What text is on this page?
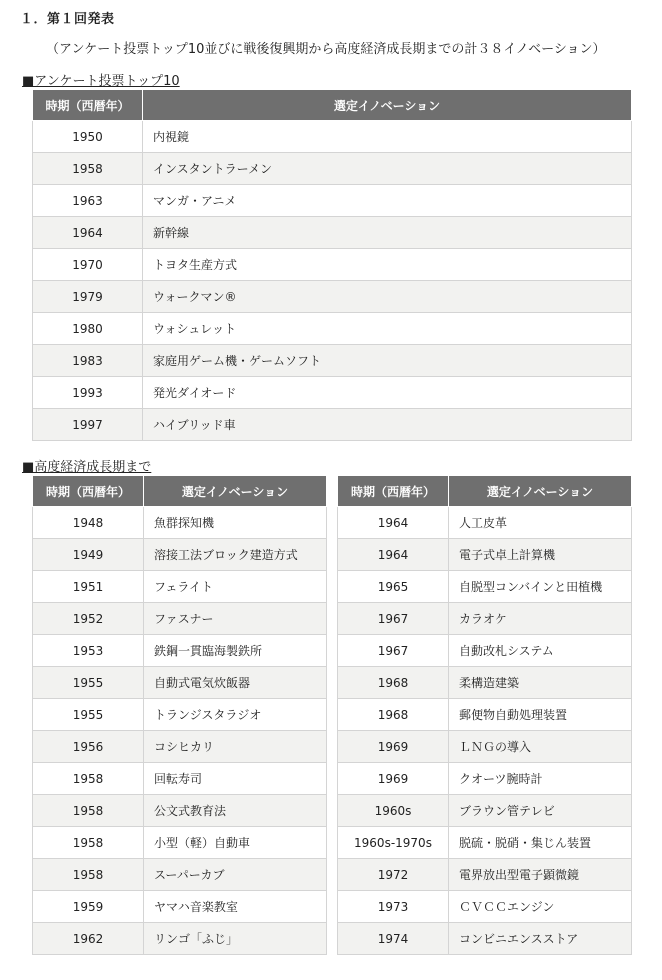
１．第１回発表
（アンケート投票トップ10並びに戦後復興期から高度経済成長期までの計３８イノベーション）
■アンケート投票トップ10
時期（西暦年）	選定イノベーション
1950	内視鏡
1958	インスタントラーメン
1963	マンガ・アニメ
1964	新幹線
1970	トヨタ生産方式
1979	ウォークマン®
1980	ウォシュレット
1983	家庭用ゲーム機・ゲームソフト
1993	発光ダイオード
1997	ハイブリッド車
■高度経済成長期まで
時期（西暦年）	選定イノベーション
1948	魚群探知機
1949	溶接工法ブロック建造方式
1951	フェライト
1952	ファスナー
1953	鉄鋼一貫臨海製鉄所
1955	自動式電気炊飯器
1955	トランジスタラジオ
1956	コシヒカリ
1958	回転寿司
1958	公文式教育法
1958	小型（軽）自動車
1958	スーパーカブ
1959	ヤマハ音楽教室
1962	リンゴ「ふじ」
時期（西暦年）	選定イノベーション
1964	人工皮革
1964	電子式卓上計算機
1965	自脱型コンバインと田植機
1967	カラオケ
1967	自動改札システム
1968	柔構造建築
1968	郵便物自動処理装置
1969	ＬＮＧの導入
1969	クオーツ腕時計
1960s	ブラウン管テレビ
1960s-1970s	脱硫・脱硝・集じん装置
1972	電界放出型電子顕微鏡
1973	ＣＶＣＣエンジン
1974	コンビニエンスストア
